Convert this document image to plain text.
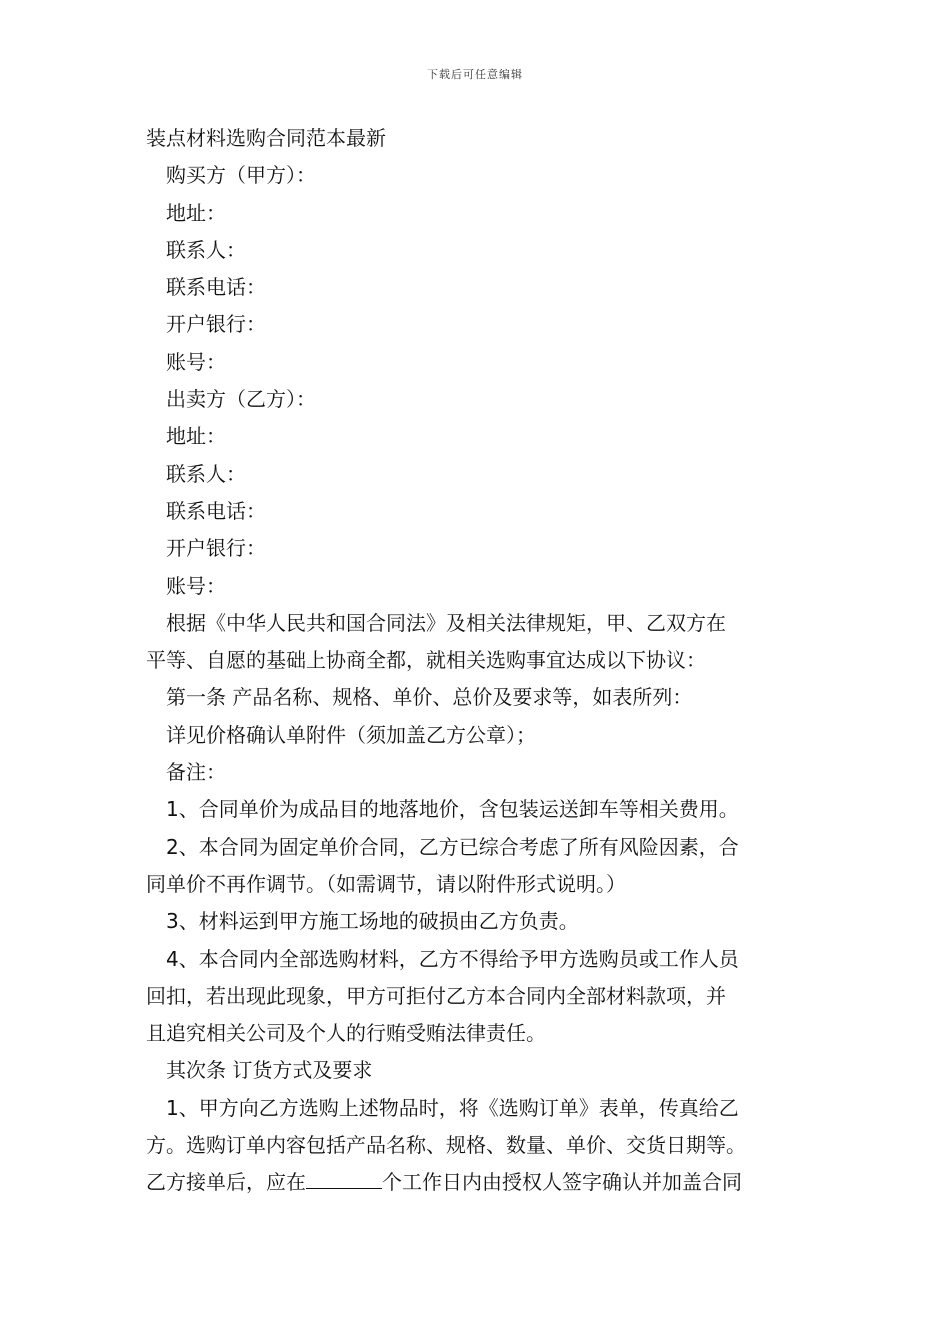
下载后可任意编辑
装点材料选购合同范本最新
购买方（甲方）：
地址：
联系人：
联系电话：
开户银行：
账号：
出卖方（乙方）：
地址：
联系人：
联系电话：
开户银行：
账号：
根据《中华人民共和国合同法》及相关法律规矩，甲、乙双方在
平等、自愿的基础上协商全都，就相关选购事宜达成以下协议：
第一条 产品名称、规格、单价、总价及要求等，如表所列：
详见价格确认单附件（须加盖乙方公章）；
备注：
1、合同单价为成品目的地落地价，含包装运送卸车等相关费用。
2、本合同为固定单价合同，乙方已综合考虑了所有风险因素，合
同单价不再作调节。（如需调节，请以附件形式说明。）
3、材料运到甲方施工场地的破损由乙方负责。
4、本合同内全部选购材料，乙方不得给予甲方选购员或工作人员
回扣，若出现此现象，甲方可拒付乙方本合同内全部材料款项，并
且追究相关公司及个人的行贿受贿法律责任。
其次条 订货方式及要求
1、甲方向乙方选购上述物品时，将《选购订单》表单，传真给乙
方。选购订单内容包括产品名称、规格、数量、单价、交货日期等。
乙方接单后，应在	个工作日内由授权人签字确认并加盖合同
